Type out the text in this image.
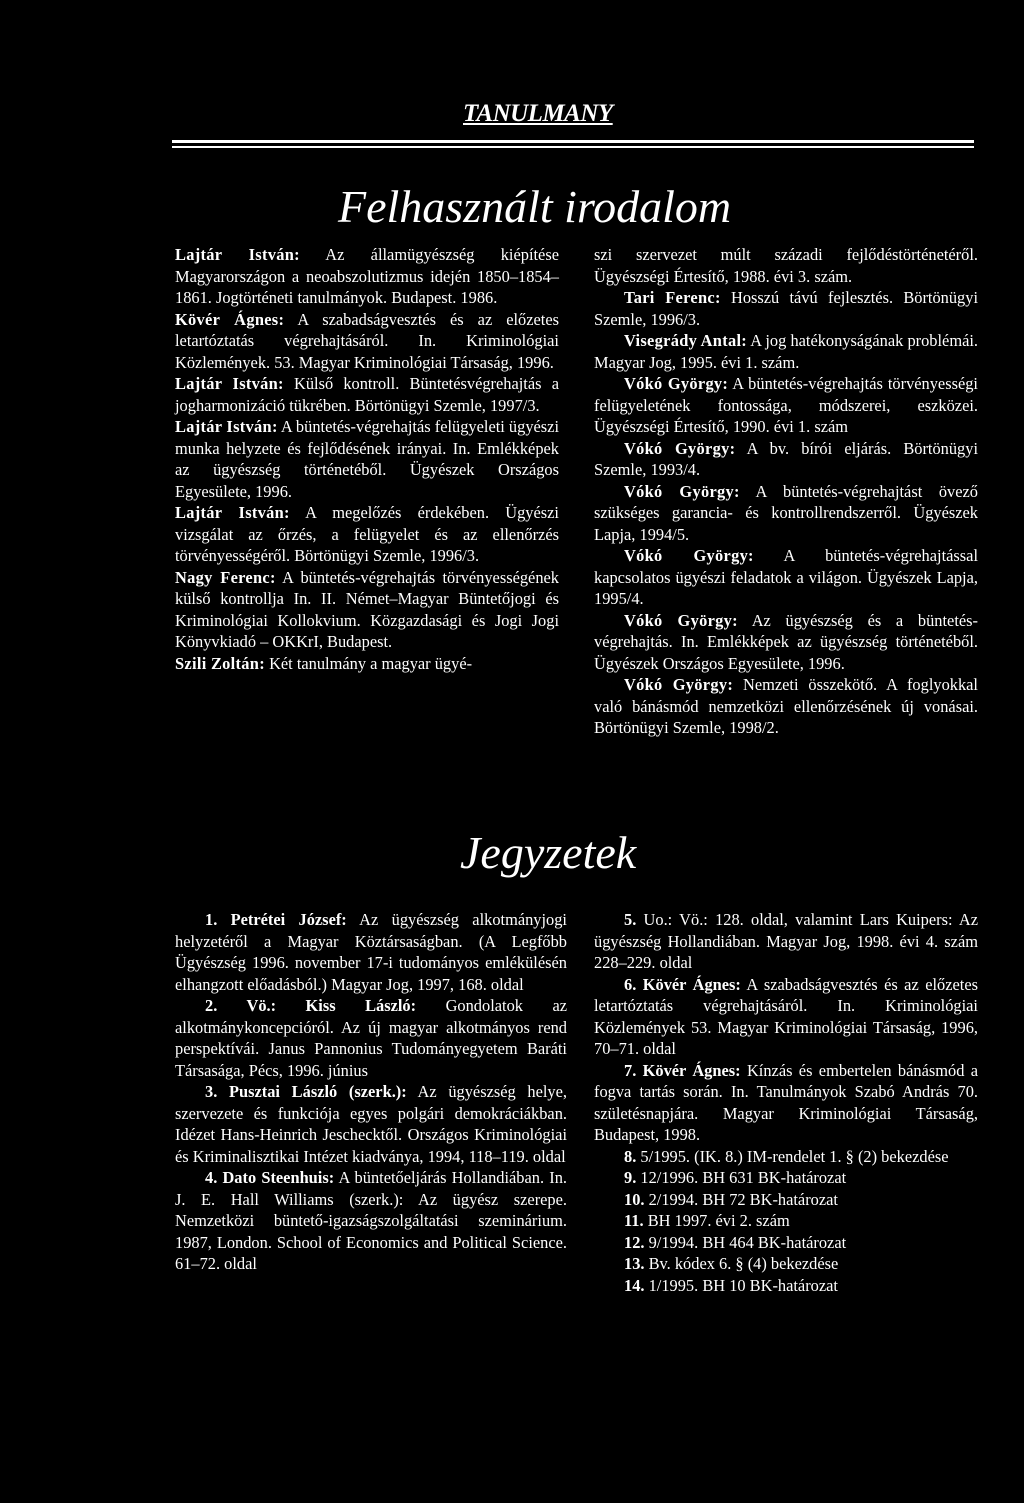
TANULMANY
Felhasznált irodalom

Lajtár István: Az államügyészség kiépítése Magyarországon a neoabszolutizmus idején 1850–1854–1861. Jogtörténeti tanulmányok. Budapest. 1986.

Kövér Ágnes: A szabadságvesztés és az előzetes letartóztatás végrehajtásáról. In. Kriminológiai Közlemények. 53. Magyar Kriminológiai Társaság, 1996.

Lajtár István: Külső kontroll. Büntetésvégrehajtás a jogharmonizáció tükrében. Börtönügyi Szemle, 1997/3.

Lajtár István: A büntetés-végrehajtás felügyeleti ügyészi munka helyzete és fejlődésének irányai. In. Emlékképek az ügyészség történetéből. Ügyészek Országos Egyesülete, 1996.

Lajtár István: A megelőzés érdekében. Ügyészi vizsgálat az őrzés, a felügyelet és az ellenőrzés törvényességéről. Börtönügyi Szemle, 1996/3.

Nagy Ferenc: A büntetés-végrehajtás törvényességének külső kontrollja In. II. Német–Magyar Büntetőjogi és Kriminológiai Kollokvium. Közgazdasági és Jogi Jogi Könyvkiadó – OKKrI, Budapest.

Szili Zoltán: Két tanulmány a magyar ügyé-

szi szervezet múlt századi fejlődéstörténetéről. Ügyészségi Értesítő, 1988. évi 3. szám.

Tari Ferenc: Hosszú távú fejlesztés. Börtönügyi Szemle, 1996/3.

Visegrády Antal: A jog hatékonyságának problémái. Magyar Jog, 1995. évi 1. szám.

Vókó György: A büntetés-végrehajtás törvényességi felügyeletének fontossága, módszerei, eszközei. Ügyészségi Értesítő, 1990. évi 1. szám

Vókó György: A bv. bírói eljárás. Börtönügyi Szemle, 1993/4.

Vókó György: A büntetés-végrehajtást övező szükséges garancia- és kontrollrendszerről. Ügyészek Lapja, 1994/5.

Vókó György: A büntetés-végrehajtással kapcsolatos ügyészi feladatok a világon. Ügyészek Lapja, 1995/4.

Vókó György: Az ügyészség és a büntetés-végrehajtás. In. Emlékképek az ügyészség történetéből. Ügyészek Országos Egyesülete, 1996.

Vókó György: Nemzeti összekötő. A foglyokkal való bánásmód nemzetközi ellenőrzésének új vonásai. Börtönügyi Szemle, 1998/2.

Jegyzetek

1. Petrétei József: Az ügyészség alkotmányjogi helyzetéről a Magyar Köztársaságban. (A Legfőbb Ügyészség 1996. november 17-i tudományos emlékülésén elhangzott előadásból.) Magyar Jog, 1997, 168. oldal

2. Vö.: Kiss László: Gondolatok az alkotmánykoncepcióról. Az új magyar alkotmányos rend perspektívái. Janus Pannonius Tudományegyetem Baráti Társasága, Pécs, 1996. június

3. Pusztai László (szerk.): Az ügyészség helye, szervezete és funkciója egyes polgári demokráciákban. Idézet Hans-Heinrich Jeschecktől. Országos Kriminológiai és Kriminalisztikai Intézet kiadványa, 1994, 118–119. oldal

4. Dato Steenhuis: A büntetőeljárás Hollandiában. In. J. E. Hall Williams (szerk.): Az ügyész szerepe. Nemzetközi büntető-igazságszolgáltatási szeminárium. 1987, London. School of Economics and Political Science. 61–72. oldal

5. Uo.: Vö.: 128. oldal, valamint Lars Kuipers: Az ügyészség Hollandiában. Magyar Jog, 1998. évi 4. szám 228–229. oldal

6. Kövér Ágnes: A szabadságvesztés és az előzetes letartóztatás végrehajtásáról. In. Kriminológiai Közlemények 53. Magyar Kriminológiai Társaság, 1996, 70–71. oldal

7. Kövér Ágnes: Kínzás és embertelen bánásmód a fogva tartás során. In. Tanulmányok Szabó András 70. születésnapjára. Magyar Kriminológiai Társaság, Budapest, 1998.

8. 5/1995. (IK. 8.) IM-rendelet 1. § (2) bekezdése

9. 12/1996. BH 631 BK-határozat

10. 2/1994. BH 72 BK-határozat

11. BH 1997. évi 2. szám

12. 9/1994. BH 464 BK-határozat

13. Bv. kódex 6. § (4) bekezdése

14. 1/1995. BH 10 BK-határozat
